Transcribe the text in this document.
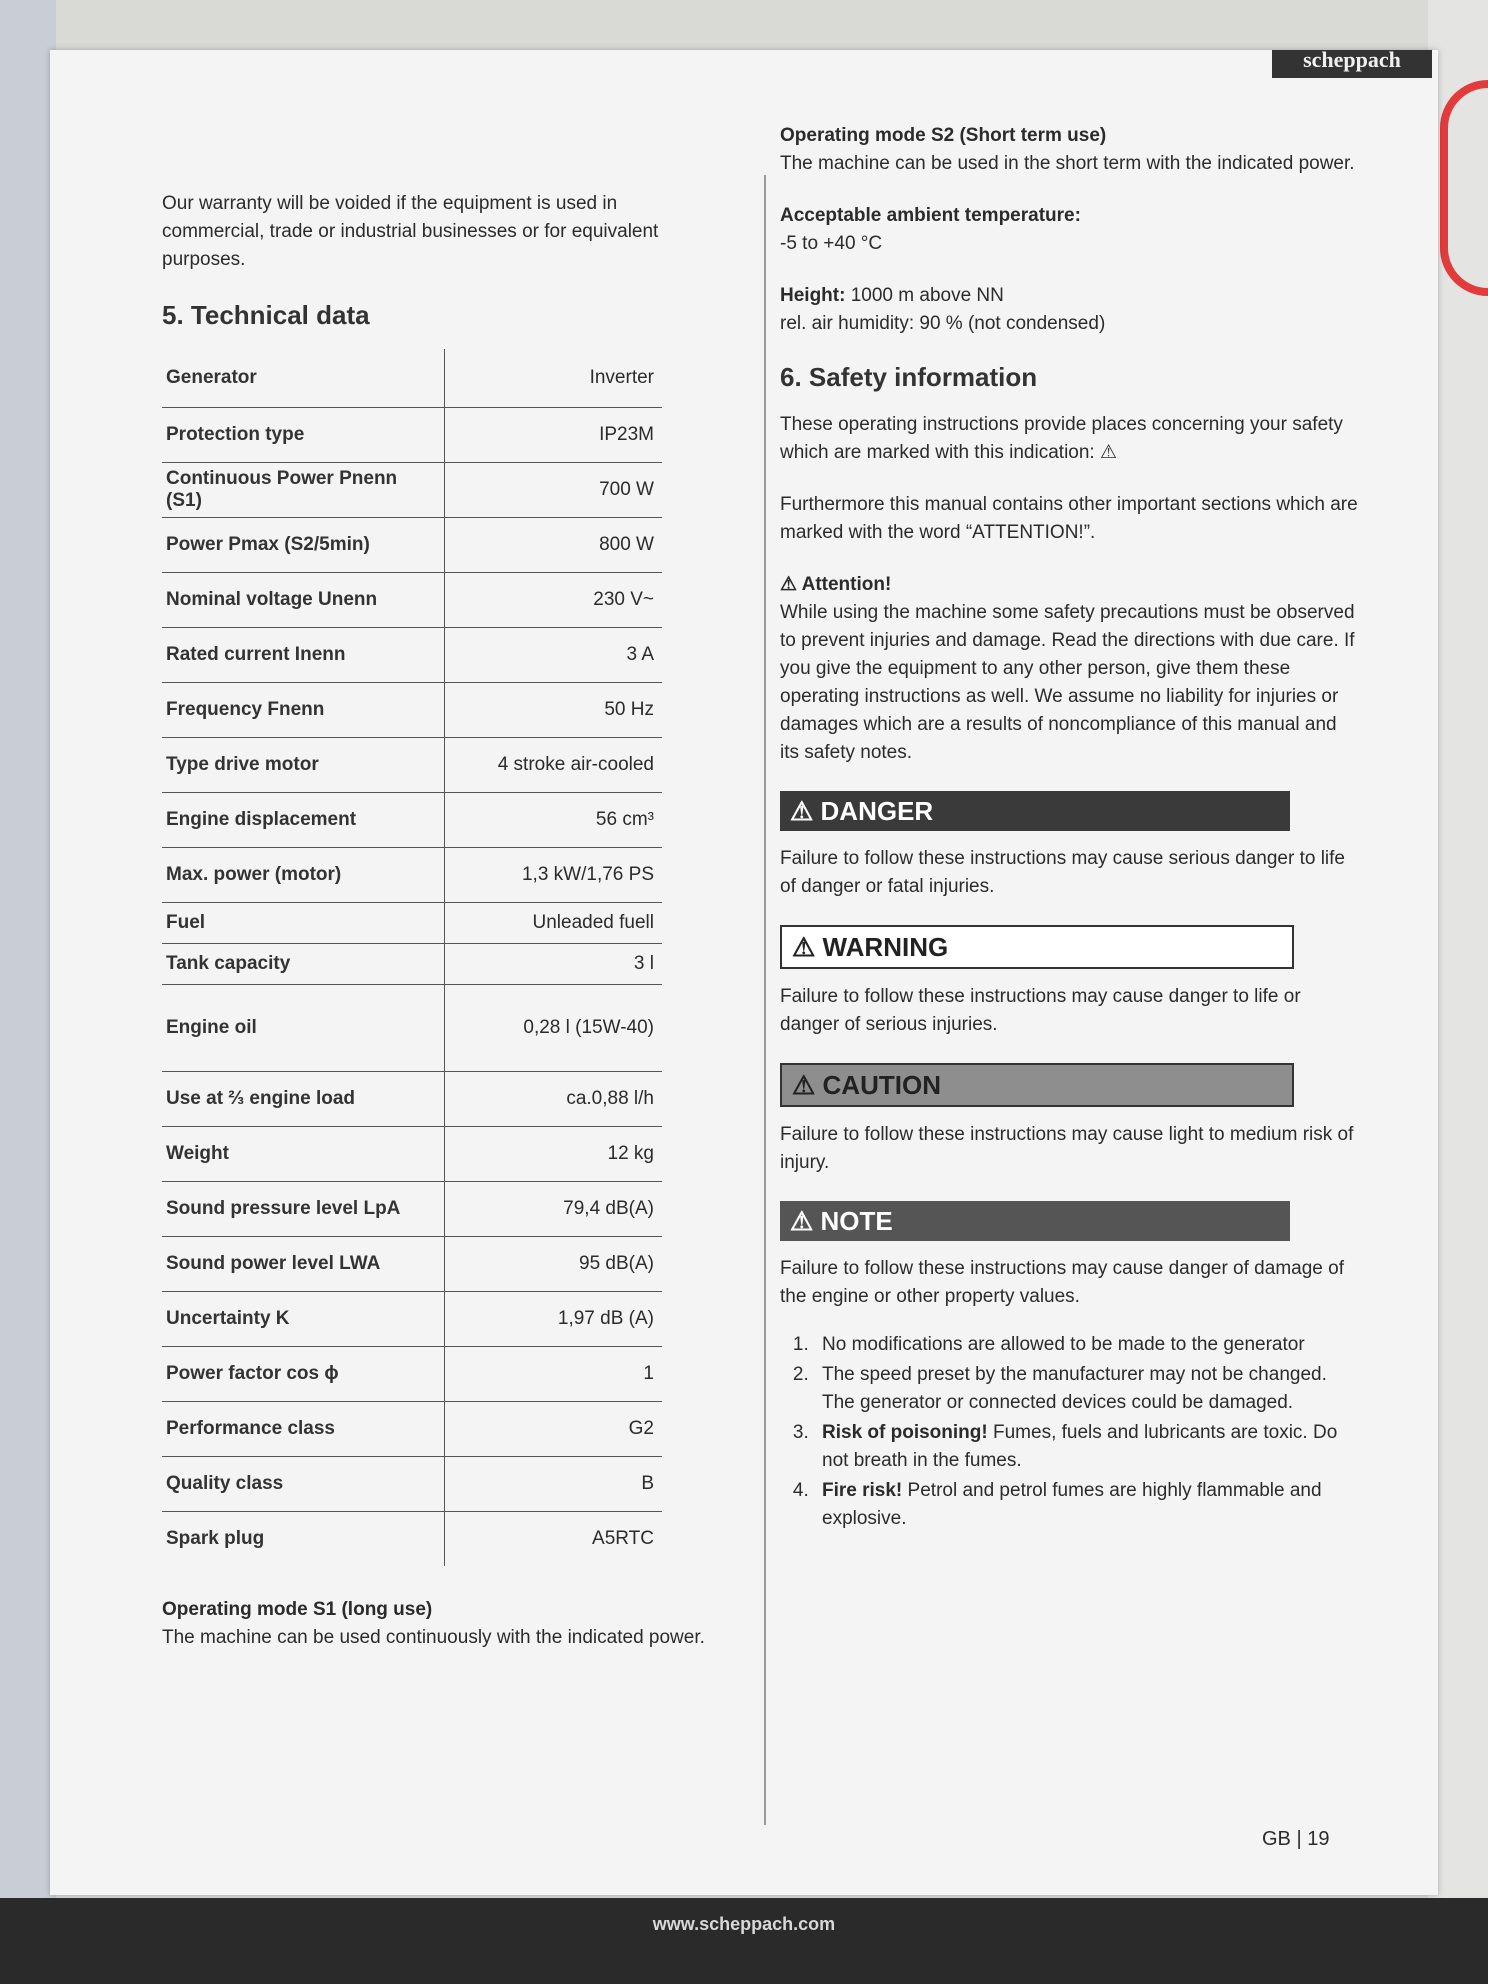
scheppach

Our warranty will be voided if the equipment is used in commercial, trade or industrial businesses or for equivalent purposes.

5. Technical data
Generator	Inverter
Protection type	IP23M
Continuous Power Pnenn (S1)	700 W
Power Pmax (S2/5min)	800 W
Nominal voltage Unenn	230 V~
Rated current Inenn	3 A
Frequency Fnenn	50 Hz
Type drive motor	4 stroke air-cooled
Engine displacement	56 cm³
Max. power (motor)	1,3 kW/1,76 PS
Fuel	Unleaded fuell
Tank capacity	3 l
Engine oil	0,28 l (15W-40)
Use at ⅔ engine load	ca.0,88 l/h
Weight	12 kg
Sound pressure level LpA	79,4 dB(A)
Sound power level LWA	95 dB(A)
Uncertainty K	1,97 dB (A)
Power factor cos ϕ	1
Performance class	G2
Quality class	B
Spark plug	A5RTC

Operating mode S1 (long use)

The machine can be used continuously with the indicated power.

Operating mode S2 (Short term use)

The machine can be used in the short term with the indicated power.

Acceptable ambient temperature:

-5 to +40 °C

Height: 1000 m above NN

rel. air humidity: 90 % (not condensed)

6. Safety information

These operating instructions provide places concerning your safety which are marked with this indication: ⚠

Furthermore this manual contains other important sections which are marked with the word “ATTENTION!”.

⚠ Attention!

While using the machine some safety precautions must be observed to prevent injuries and damage. Read the directions with due care. If you give the equipment to any other person, give them these operating instructions as well. We assume no liability for injuries or damages which are a results of noncompliance of this manual and its safety notes.

⚠ DANGER

Failure to follow these instructions may cause serious danger to life of danger or fatal injuries.

⚠ WARNING

Failure to follow these instructions may cause danger to life or danger of serious injuries.

⚠ CAUTION

Failure to follow these instructions may cause light to medium risk of injury.

⚠ NOTE

Failure to follow these instructions may cause danger of damage of the engine or other property values.

1. No modifications are allowed to be made to the generator
2. The speed preset by the manufacturer may not be changed. The generator or connected devices could be damaged.
3. Risk of poisoning! Fumes, fuels and lubricants are toxic. Do not breath in the fumes.
4. Fire risk! Petrol and petrol fumes are highly flammable and explosive.
GB | 19
www.scheppach.com
